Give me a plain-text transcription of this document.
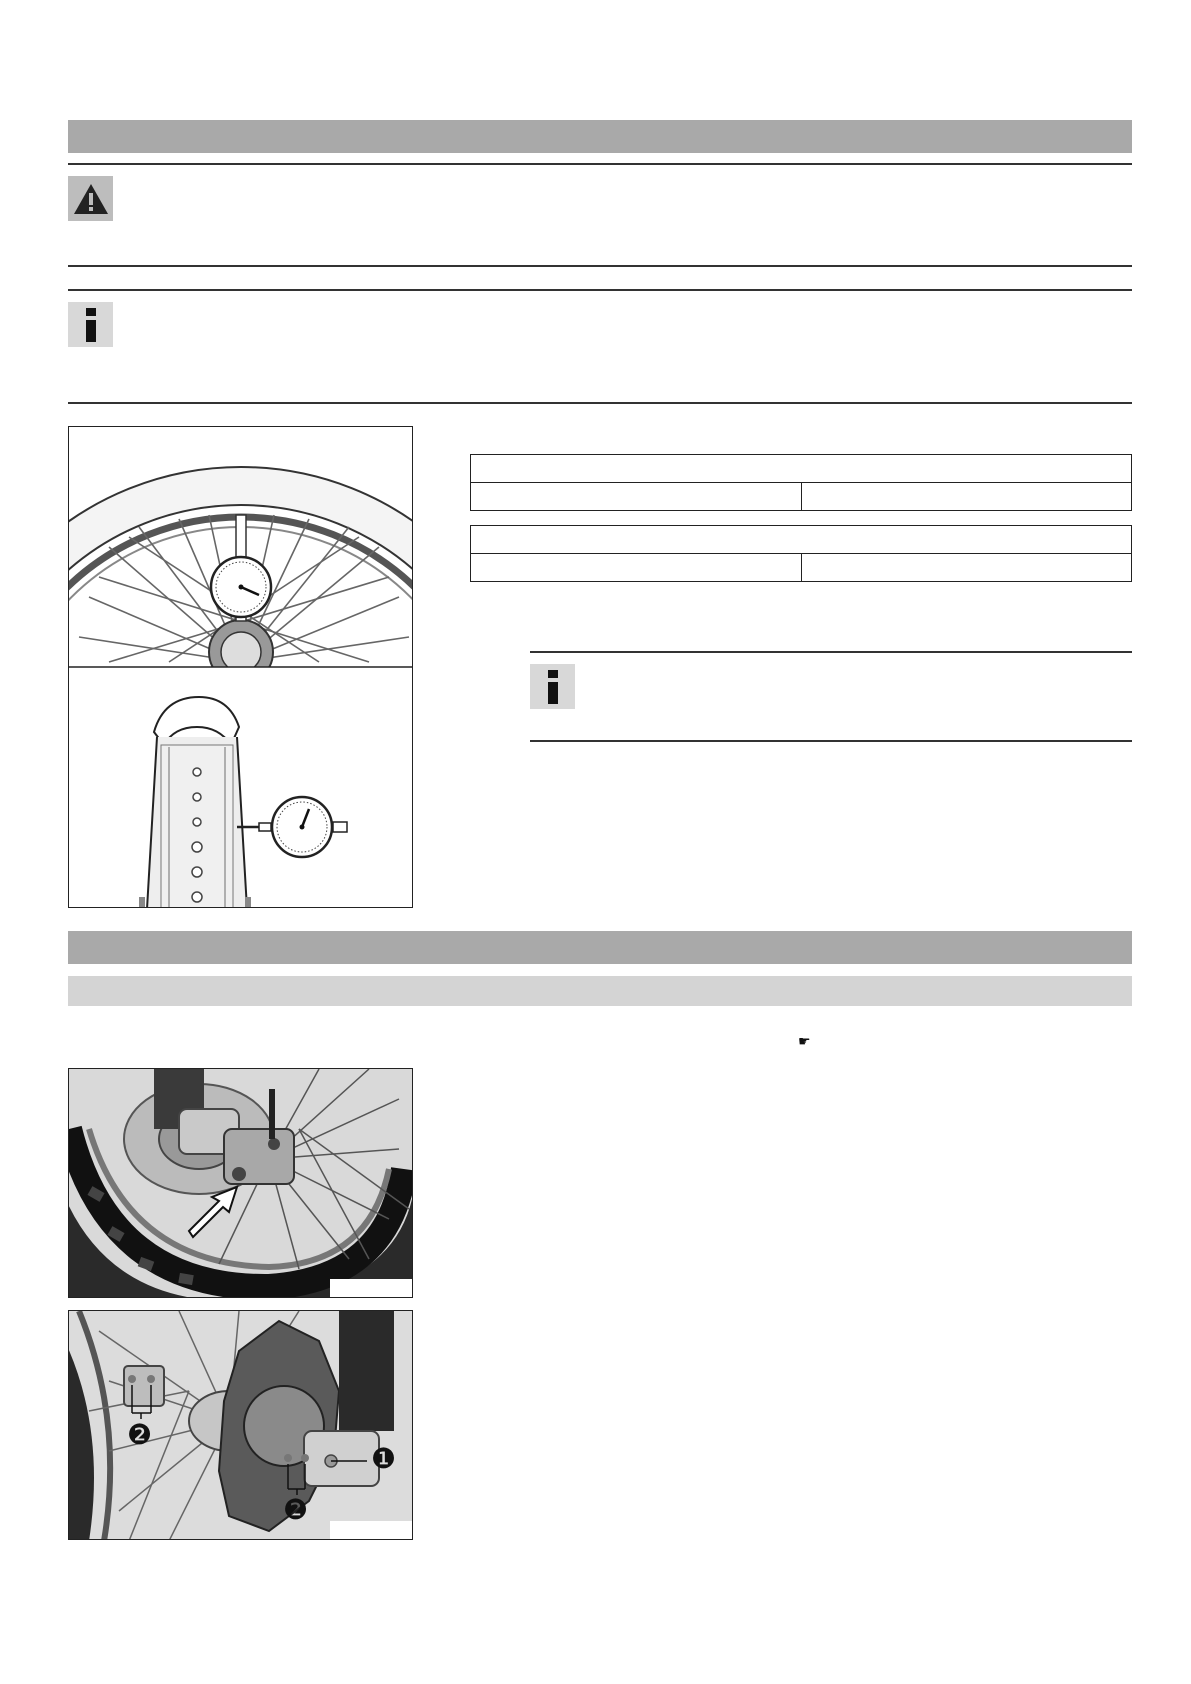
☛
❶
❷
❷
